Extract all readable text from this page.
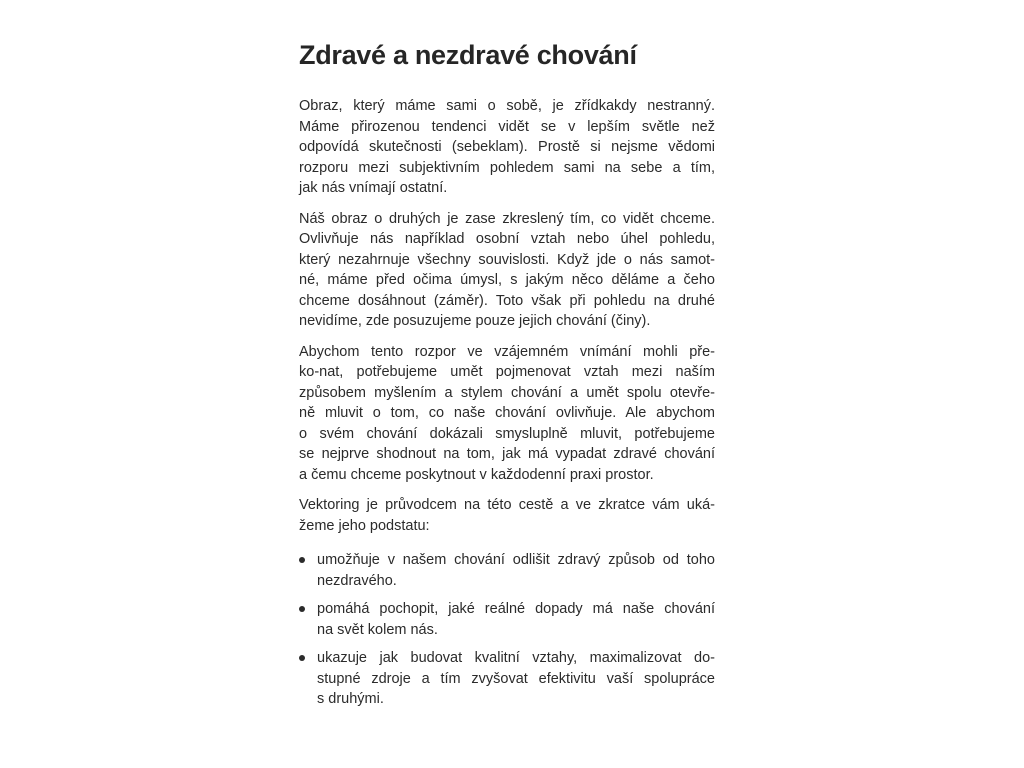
Zdravé a nezdravé chování

Obraz, který máme sami o sobě, je zřídkakdy nestranný.
Máme přirozenou tendenci vidět se v lepším světle než
odpovídá skutečnosti (sebeklam). Prostě si nejsme vědomi
rozporu mezi subjektivním pohledem sami na sebe a tím,
jak nás vnímají ostatní.

Náš obraz o druhých je zase zkreslený tím, co vidět chceme.
Ovlivňuje nás například osobní vztah nebo úhel pohledu,
který nezahrnuje všechny souvislosti. Když jde o nás samot-
né, máme před očima úmysl, s jakým něco děláme a čeho
chceme dosáhnout (záměr). Toto však při pohledu na druhé
nevidíme, zde posuzujeme pouze jejich chování (činy).

Abychom tento rozpor ve vzájemném vnímání mohli pře-
ko-nat, potřebujeme umět pojmenovat vztah mezi naším
způsobem myšlením a stylem chování a umět spolu otevře-
ně mluvit o tom, co naše chování ovlivňuje. Ale abychom
o svém chování dokázali smysluplně mluvit, potřebujeme
se nejprve shodnout na tom, jak má vypadat zdravé chování
a čemu chceme poskytnout v každodenní praxi prostor.

Vektoring je průvodcem na této cestě a ve zkratce vám uká-
žeme jeho podstatu:

umožňuje v našem chování odlišit zdravý způsob od toho
nezdravého.
pomáhá pochopit, jaké reálné dopady má naše chování
na svět kolem nás.
ukazuje jak budovat kvalitní vztahy, maximalizovat do-
stupné zdroje a tím zvyšovat efektivitu vaší spolupráce
s druhými.
